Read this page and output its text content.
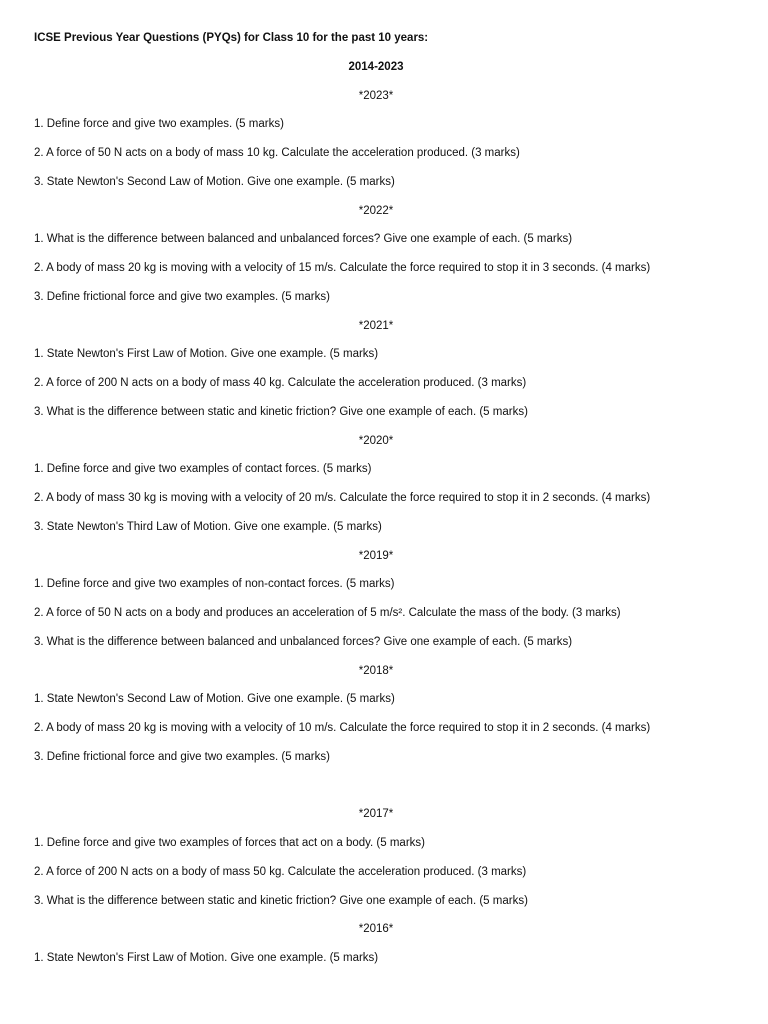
ICSE Previous Year Questions (PYQs) for Class 10 for the past 10 years:
2014-2023
*2023*
1. Define force and give two examples. (5 marks)
2. A force of 50 N acts on a body of mass 10 kg. Calculate the acceleration produced. (3 marks)
3. State Newton's Second Law of Motion. Give one example. (5 marks)
*2022*
1. What is the difference between balanced and unbalanced forces? Give one example of each. (5 marks)
2. A body of mass 20 kg is moving with a velocity of 15 m/s. Calculate the force required to stop it in 3 seconds. (4 marks)
3. Define frictional force and give two examples. (5 marks)
*2021*
1. State Newton's First Law of Motion. Give one example. (5 marks)
2. A force of 200 N acts on a body of mass 40 kg. Calculate the acceleration produced. (3 marks)
3. What is the difference between static and kinetic friction? Give one example of each. (5 marks)
*2020*
1. Define force and give two examples of contact forces. (5 marks)
2. A body of mass 30 kg is moving with a velocity of 20 m/s. Calculate the force required to stop it in 2 seconds. (4 marks)
3. State Newton's Third Law of Motion. Give one example. (5 marks)
*2019*
1. Define force and give two examples of non-contact forces. (5 marks)
2. A force of 50 N acts on a body and produces an acceleration of 5 m/s². Calculate the mass of the body. (3 marks)
3. What is the difference between balanced and unbalanced forces? Give one example of each. (5 marks)
*2018*
1. State Newton's Second Law of Motion. Give one example. (5 marks)
2. A body of mass 20 kg is moving with a velocity of 10 m/s. Calculate the force required to stop it in 2 seconds. (4 marks)
3. Define frictional force and give two examples. (5 marks)
*2017*
1. Define force and give two examples of forces that act on a body. (5 marks)
2. A force of 200 N acts on a body of mass 50 kg. Calculate the acceleration produced. (3 marks)
3. What is the difference between static and kinetic friction? Give one example of each. (5 marks)
*2016*
1. State Newton's First Law of Motion. Give one example. (5 marks)
